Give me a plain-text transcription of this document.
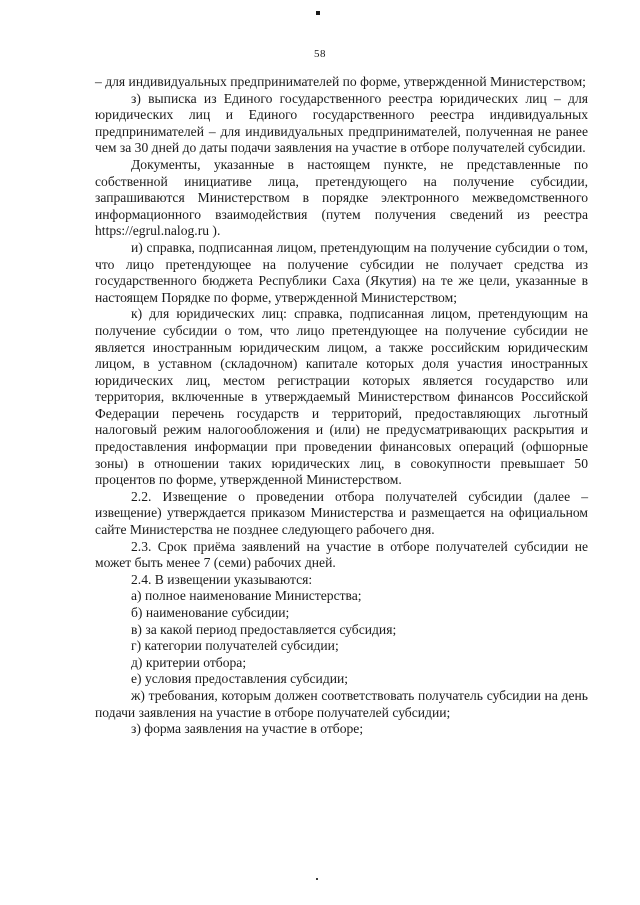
58

– для индивидуальных предпринимателей по форме, утвержденной Министерством;

з) выписка из Единого государственного реестра юридических лиц – для юридических лиц и Единого государственного реестра индивидуальных предпринимателей – для индивидуальных предпринимателей, полученная не ранее чем за 30 дней до даты подачи заявления на участие в отборе получателей субсидии.

Документы, указанные в настоящем пункте, не представленные по собственной инициативе лица, претендующего на получение субсидии, запрашиваются Министерством в порядке электронного межведомственного информационного взаимодействия (путем получения сведений из реестра https://egrul.nalog.ru ).

и) справка, подписанная лицом, претендующим на получение субсидии о том, что лицо претендующее на получение субсидии не получает средства из государственного бюджета Республики Саха (Якутия) на те же цели, указанные в настоящем Порядке по форме, утвержденной Министерством;

к) для юридических лиц: справка, подписанная лицом, претендующим на получение субсидии о том, что лицо претендующее на получение субсидии не является иностранным юридическим лицом, а также российским юридическим лицом, в уставном (складочном) капитале которых доля участия иностранных юридических лиц, местом регистрации которых является государство или территория, включенные в утверждаемый Министерством финансов Российской Федерации перечень государств и территорий, предоставляющих льготный налоговый режим налогообложения и (или) не предусматривающих раскрытия и предоставления информации при проведении финансовых операций (офшорные зоны) в отношении таких юридических лиц, в совокупности превышает 50 процентов по форме, утвержденной Министерством.

2.2. Извещение о проведении отбора получателей субсидии (далее – извещение) утверждается приказом Министерства и размещается на официальном сайте Министерства не позднее следующего рабочего дня.

2.3. Срок приёма заявлений на участие в отборе получателей субсидии не может быть менее 7 (семи) рабочих дней.

2.4. В извещении указываются:

а) полное наименование Министерства;

б) наименование субсидии;

в) за какой период предоставляется субсидия;

г) категории получателей субсидии;

д) критерии отбора;

е) условия предоставления субсидии;

ж) требования, которым должен соответствовать получатель субсидии на день подачи заявления на участие в отборе получателей субсидии;

з) форма заявления на участие в отборе;
